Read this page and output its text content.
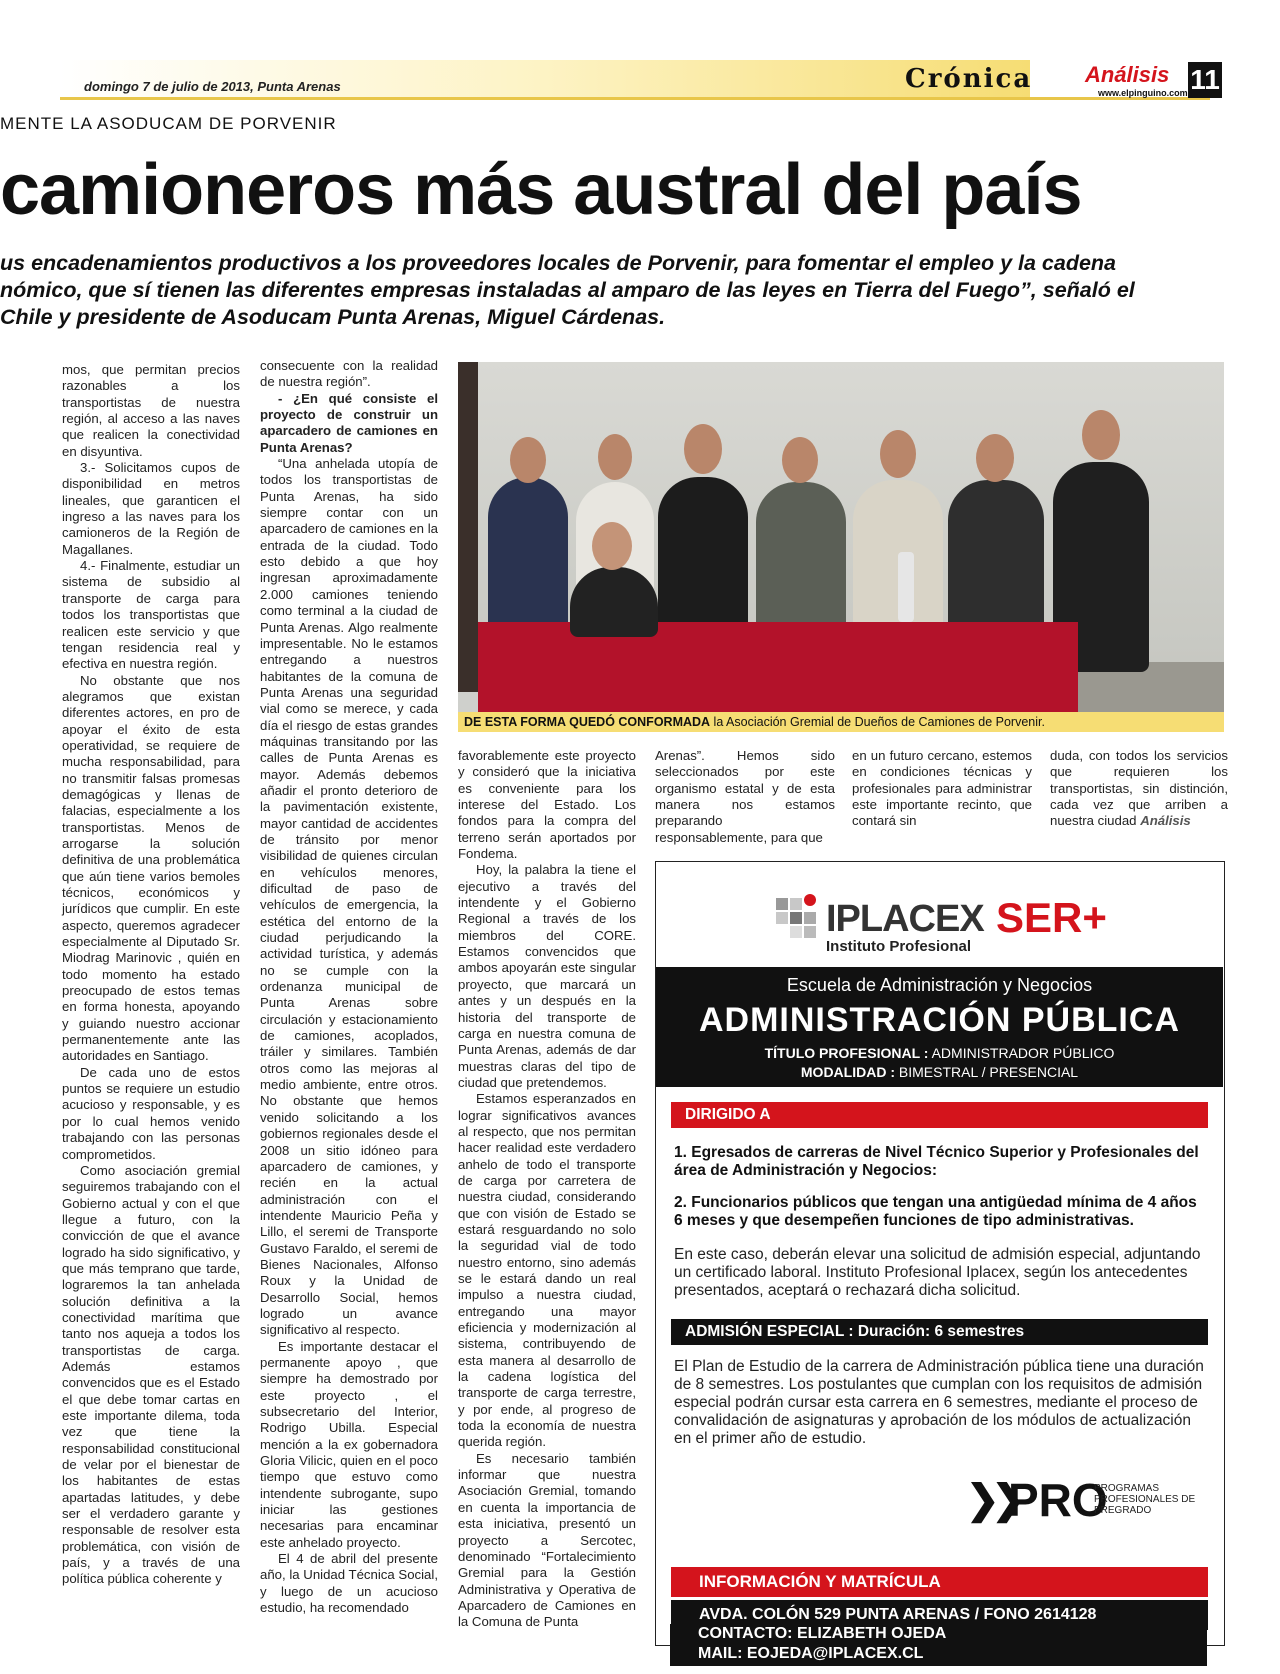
domingo 7 de julio de 2013, Punta Arenas	Crónica Análisis
www.elpinguino.com 11
MENTE LA ASODUCAM DE PORVENIR
camioneros más austral del país
us encadenamientos productivos a los proveedores locales de Porvenir, para fomentar el empleo y la cadena
nómico, que sí tienen las diferentes empresas instaladas al amparo de las leyes en Tierra del Fuego”, señaló el
Chile y presidente de Asoducam Punta Arenas, Miguel Cárdenas.

mos, que permitan precios razonables a los transportistas de nuestra región, al acceso a las naves que realicen la conectividad en disyuntiva.

3.- Solicitamos cupos de disponibilidad en metros lineales, que garanticen el ingreso a las naves para los camioneros de la Región de Magallanes.

4.- Finalmente, estudiar un sistema de subsidio al transporte de carga para todos los transportistas que realicen este servicio y que tengan residencia real y efectiva en nuestra región.

No obstante que nos alegramos que existan diferentes actores, en pro de apoyar el éxito de esta operatividad, se requiere de mucha responsabilidad, para no transmitir falsas promesas demagógicas y llenas de falacias, especialmente a los transportistas. Menos de arrogarse la solución definitiva de una problemática que aún tiene varios bemoles técnicos, económicos y jurídicos que cumplir. En este aspecto, queremos agradecer especialmente al Diputado Sr. Miodrag Marinovic , quién en todo momento ha estado preocupado de estos temas en forma honesta, apoyando y guiando nuestro accionar permanentemente ante las autoridades en Santiago.

De cada uno de estos puntos se requiere un estudio acucioso y responsable, y es por lo cual hemos venido trabajando con las personas comprometidos.

Como asociación gremial seguiremos trabajando con el Gobierno actual y con el que llegue a futuro, con la convicción de que el avance logrado ha sido significativo, y que más temprano que tarde, lograremos la tan anhelada solución definitiva a la conectividad marítima que tanto nos aqueja a todos los transportistas de carga. Además estamos convencidos que es el Estado el que debe tomar cartas en este importante dilema, toda vez que tiene la responsabilidad constitucional de velar por el bienestar de los habitantes de estas apartadas latitudes, y debe ser el verdadero garante y responsable de resolver esta problemática, con visión de país, y a través de una política pública coherente y

consecuente con la realidad de nuestra región”.

- ¿En qué consiste el proyecto de construir un aparcadero de camiones en Punta Arenas?

“Una anhelada utopía de todos los transportistas de Punta Arenas, ha sido siempre contar con un aparcadero de camiones en la entrada de la ciudad. Todo esto debido a que hoy ingresan aproximadamente 2.000 camiones teniendo como terminal a la ciudad de Punta Arenas. Algo realmente impresentable. No le estamos entregando a nuestros habitantes de la comuna de Punta Arenas una seguridad vial como se merece, y cada día el riesgo de estas grandes máquinas transitando por las calles de Punta Arenas es mayor. Además debemos añadir el pronto deterioro de la pavimentación existente, mayor cantidad de accidentes de tránsito por menor visibilidad de quienes circulan en vehículos menores, dificultad de paso de vehículos de emergencia, la estética del entorno de la ciudad perjudicando la actividad turística, y además no se cumple con la ordenanza municipal de Punta Arenas sobre circulación y estacionamiento de camiones, acoplados, tráiler y similares. También otros como las mejoras al medio ambiente, entre otros. No obstante que hemos venido solicitando a los gobiernos regionales desde el 2008 un sitio idóneo para aparcadero de camiones, y recién en la actual administración con el intendente Mauricio Peña y Lillo, el seremi de Transporte Gustavo Faraldo, el seremi de Bienes Nacionales, Alfonso Roux y la Unidad de Desarrollo Social, hemos logrado un avance significativo al respecto.

Es importante destacar el permanente apoyo , que siempre ha demostrado por este proyecto , el subsecretario del Interior, Rodrigo Ubilla. Especial mención a la ex gobernadora Gloria Vilicic, quien en el poco tiempo que estuvo como intendente subrogante, supo iniciar las gestiones necesarias para encaminar este anhelado proyecto.

El 4 de abril del presente año, la Unidad Técnica Social, y luego de un acucioso estudio, ha recomendado

DE ESTA FORMA QUEDÓ CONFORMADA la Asociación Gremial de Dueños de Camiones de Porvenir.

favorablemente este proyecto y consideró que la iniciativa es conveniente para los interese del Estado. Los fondos para la compra del terreno serán aportados por Fondema.

Hoy, la palabra la tiene el ejecutivo a través del intendente y el Gobierno Regional a través de los miembros del CORE. Estamos convencidos que ambos apoyarán este singular proyecto, que marcará un antes y un después en la historia del transporte de carga en nuestra comuna de Punta Arenas, además de dar muestras claras del tipo de ciudad que pretendemos.

Estamos esperanzados en lograr significativos avances al respecto, que nos permitan hacer realidad este verdadero anhelo de todo el transporte de carga por carretera de nuestra ciudad, considerando que con visión de Estado se estará resguardando no solo la seguridad vial de todo nuestro entorno, sino además se le estará dando un real impulso a nuestra ciudad, entregando una mayor eficiencia y modernización al sistema, contribuyendo de esta manera al desarrollo de la cadena logística del transporte de carga terrestre, y por ende, al progreso de toda la economía de nuestra querida región.

Es necesario también informar que nuestra Asociación Gremial, tomando en cuenta la importancia de esta iniciativa, presentó un proyecto a Sercotec, denominado “Fortalecimiento Gremial para la Gestión Administrativa y Operativa de Aparcadero de Camiones en la Comuna de Punta

Arenas”. Hemos sido seleccionados por este organismo estatal y de esta manera nos estamos preparando responsablemente, para que

en un futuro cercano, estemos en condiciones técnicas y profesionales para administrar este importante recinto, que contará sin

duda, con todos los servicios que requieren los transportistas, sin distinción, cada vez que arriben a nuestra ciudad Análisis

IPLACEX SER+
Instituto Profesional
Escuela de Administración y Negocios
ADMINISTRACIÓN PÚBLICA
TÍTULO PROFESIONAL : ADMINISTRADOR PÚBLICO
MODALIDAD : BIMESTRAL / PRESENCIAL
DIRIGIDO A
1. Egresados de carreras de Nivel Técnico Superior y Profesionales del área de Administración y Negocios:
2. Funcionarios públicos que tengan una antigüedad mínima de 4 años 6 meses y que desempeñen funciones de tipo administrativas.
En este caso, deberán elevar una solicitud de admisión especial, adjuntando un certificado laboral. Instituto Profesional Iplacex, según los antecedentes presentados, aceptará o rechazará dicha solicitud.
ADMISIÓN ESPECIAL : Duración: 6 semestres
El Plan de Estudio de la carrera de Administración pública tiene una duración de 8 semestres. Los postulantes que cumplan con los requisitos de admisión especial podrán cursar esta carrera en 6 semestres, mediante el proceso de convalidación de asignaturas y aprobación de los módulos de actualización en el primer año de estudio.
❯❯
PRO
PROGRAMAS PROFESIONALES DE PREGRADO
INFORMACIÓN Y MATRÍCULA
AVDA. COLÓN 529 PUNTA ARENAS / FONO 2614128
CONTACTO: ELIZABETH OJEDA
MAIL: EOJEDA@IPLACEX.CL
